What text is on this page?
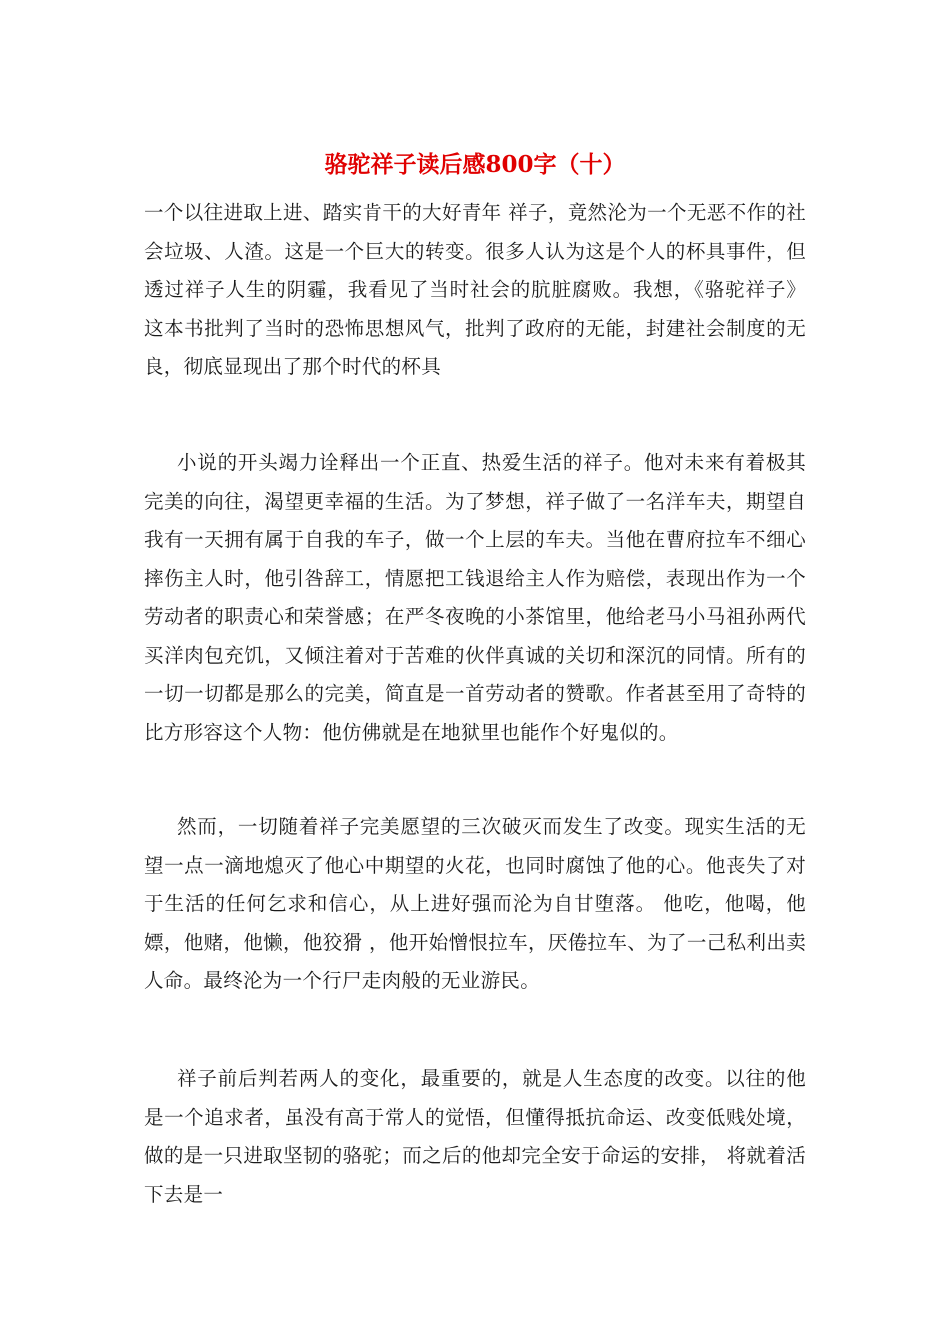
骆驼祥子读后感800字（十）

一个以往进取上进、踏实肯干的大好青年 祥子，竟然沦为一个无恶不作的社会垃圾、人渣。这是一个巨大的转变。很多人认为这是个人的杯具事件，但透过祥子人生的阴霾，我看见了当时社会的肮脏腐败。我想，《骆驼祥子》这本书批判了当时的恐怖思想风气，批判了政府的无能，封建社会制度的无良，彻底显现出了那个时代的杯具

小说的开头竭力诠释出一个正直、热爱生活的祥子。他对未来有着极其完美的向往，渴望更幸福的生活。为了梦想，祥子做了一名洋车夫，期望自我有一天拥有属于自我的车子，做一个上层的车夫。当他在曹府拉车不细心摔伤主人时，他引咎辞工，情愿把工钱退给主人作为赔偿，表现出作为一个劳动者的职责心和荣誉感；在严冬夜晚的小茶馆里，他给老马小马祖孙两代买洋肉包充饥，又倾注着对于苦难的伙伴真诚的关切和深沉的同情。所有的一切一切都是那么的完美，简直是一首劳动者的赞歌。作者甚至用了奇特的比方形容这个人物：他仿佛就是在地狱里也能作个好鬼似的。

然而，一切随着祥子完美愿望的三次破灭而发生了改变。现实生活的无望一点一滴地熄灭了他心中期望的火花，也同时腐蚀了他的心。他丧失了对于生活的任何乞求和信心，从上进好强而沦为自甘堕落。 他吃，他喝，他嫖，他赌，他懒，他狡猾 ，他开始憎恨拉车，厌倦拉车、为了一己私利出卖人命。最终沦为一个行尸走肉般的无业游民。

祥子前后判若两人的变化，最重要的，就是人生态度的改变。以往的他是一个追求者，虽没有高于常人的觉悟，但懂得抵抗命运、改变低贱处境，做的是一只进取坚韧的骆驼；而之后的他却完全安于命运的安排， 将就着活下去是一
